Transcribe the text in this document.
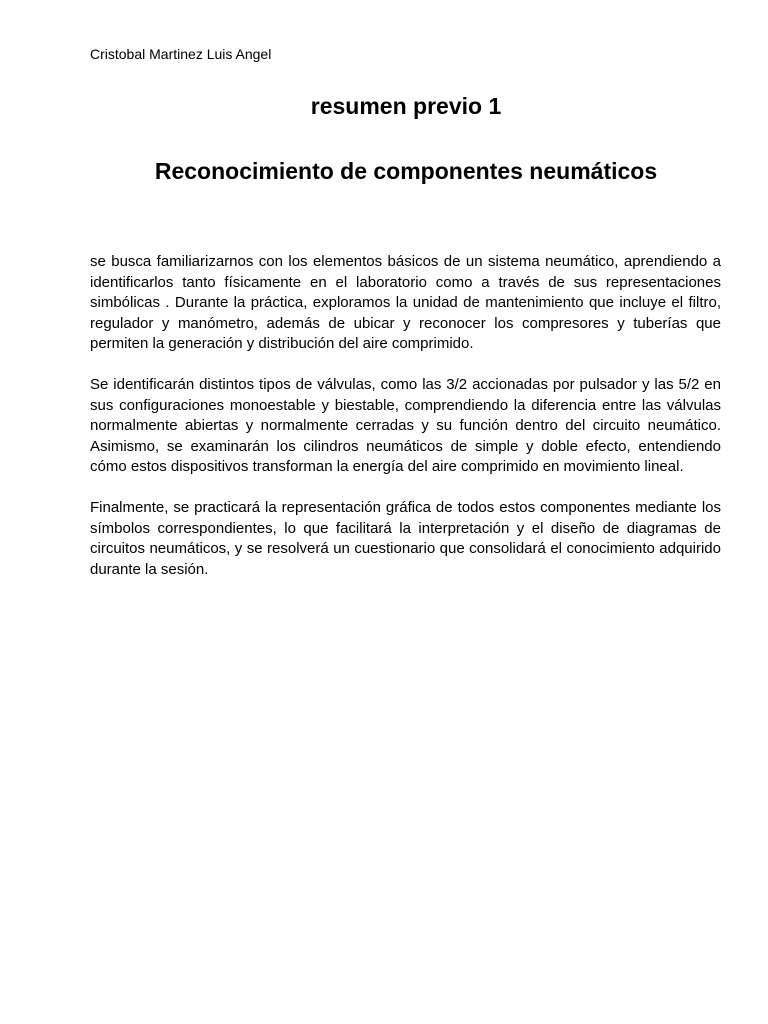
Cristobal Martinez Luis Angel

resumen previo 1
Reconocimiento de componentes neumáticos

se busca familiarizarnos con los elementos básicos de un sistema neumático, aprendiendo a identificarlos tanto físicamente en el laboratorio como a través de sus representaciones simbólicas . Durante la práctica, exploramos la unidad de mantenimiento que incluye el filtro, regulador y manómetro, además de ubicar y reconocer los compresores y tuberías que permiten la generación y distribución del aire comprimido.

Se identificarán distintos tipos de válvulas, como las 3/2 accionadas por pulsador y las 5/2 en sus configuraciones monoestable y biestable, comprendiendo la diferencia entre las válvulas normalmente abiertas y normalmente cerradas y su función dentro del circuito neumático. Asimismo, se examinarán los cilindros neumáticos de simple y doble efecto, entendiendo cómo estos dispositivos transforman la energía del aire comprimido en movimiento lineal.

Finalmente, se practicará la representación gráfica de todos estos componentes mediante los símbolos correspondientes, lo que facilitará la interpretación y el diseño de diagramas de circuitos neumáticos, y se resolverá un cuestionario que consolidará el conocimiento adquirido durante la sesión.
